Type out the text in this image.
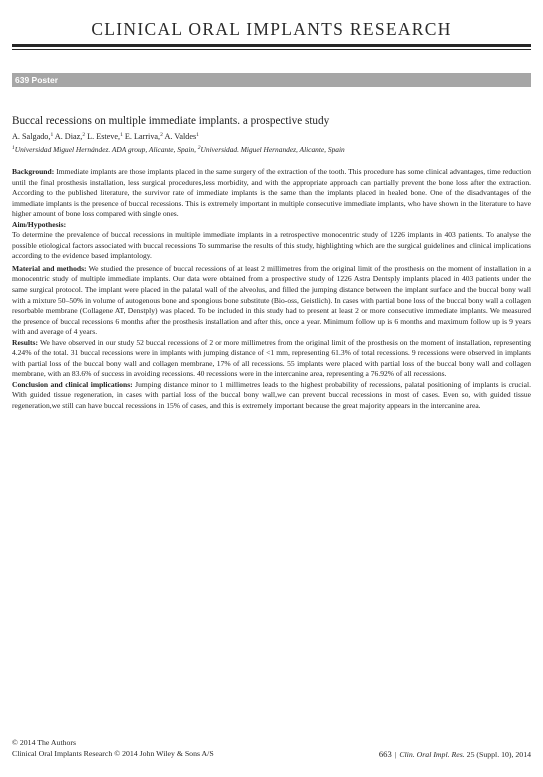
CLINICAL ORAL IMPLANTS RESEARCH
639 Poster
Buccal recessions on multiple immediate implants. a prospective study
A. Salgado,$^1$ A. Diaz,$^2$ L. Esteve,$^1$ E. Larriva,$^2$ A. Valdes$^1$
$^1$Universidad Miguel Hernández. ADA group, Alicante, Spain, $^2$Universidad. Miguel Hernandez, Alicante, Spain

Background: Immediate implants are those implants placed in the same surgery of the extraction of the tooth. This procedure has some clinical advantages, time reduction until the final prosthesis installation, less surgical procedures,less morbidity, and with the appropriate approach can partially prevent the bone loss after the extraction. According to the published literature, the survivor rate of immediate implants is the same than the implants placed in healed bone. One of the disadvantages of the immediate implants is the presence of buccal recessions. This is extremely important in multiple consecutive immediate implants, who have shown in the literature to have higher amount of bone loss compared with single ones.

Aim/Hypothesis:

To determine the prevalence of buccal recessions in multiple immediate implants in a retrospective monocentric study of 1226 implants in 403 patients. To analyse the possible etiological factors associated with buccal recessions To summarise the results of this study, highlighting which are the surgical guidelines and clinical implications according to the evidence based implantology.

Material and methods: We studied the presence of buccal recessions of at least 2 millimetres from the original limit of the prosthesis on the moment of installation in a monocentric study of multiple immediate implants. Our data were obtained from a prospective study of 1226 Astra Dentsply implants placed in 403 patients under the same surgical protocol. The implant were placed in the palatal wall of the alveolus, and filled the jumping distance between the implant surface and the buccal bony wall with a mixture 50–50% in volume of autogenous bone and spongious bone substitute (Bio-oss, Geistlich). In cases with partial bone loss of the buccal bony wall a collagen resorbable membrane (Collagene AT, Denstply) was placed. To be included in this study had to present at least 2 or more consecutive immediate implants. We measured the presence of buccal recessions 6 months after the prosthesis installation and after this, once a year. Minimum follow up is 6 months and maximum follow up is 9 years with and average of 4 years.

Results: We have observed in our study 52 buccal recessions of 2 or more millimetres from the original limit of the prosthesis on the moment of installation, representing 4.24% of the total. 31 buccal recessions were in implants with jumping distance of <1 mm, representing 61.3% of total recessions. 9 recessions were observed in implants with partial loss of the buccal bony wall and collagen membrane, 17% of all recessions. 55 implants were placed with partial loss of the buccal bony wall and collagen membrane, with an 83.6% of success in avoiding recessions. 40 recessions were in the intercanine area, representing a 76.92% of all recessions.

Conclusion and clinical implications: Jumping distance minor to 1 millimetres leads to the highest probability of recessions, palatal positioning of implants is crucial. With guided tissue regeneration, in cases with partial loss of the buccal bony wall,we can prevent buccal recessions in most of cases. Even so, with guided tissue regeneration,we still can have buccal recessions in 15% of cases, and this is extremely important because the great majority appears in the intercanine area.

© 2014 The Authors
Clinical Oral Implants Research © 2014 John Wiley & Sons A/S	663 | Clin. Oral Impl. Res. 25 (Suppl. 10), 2014
